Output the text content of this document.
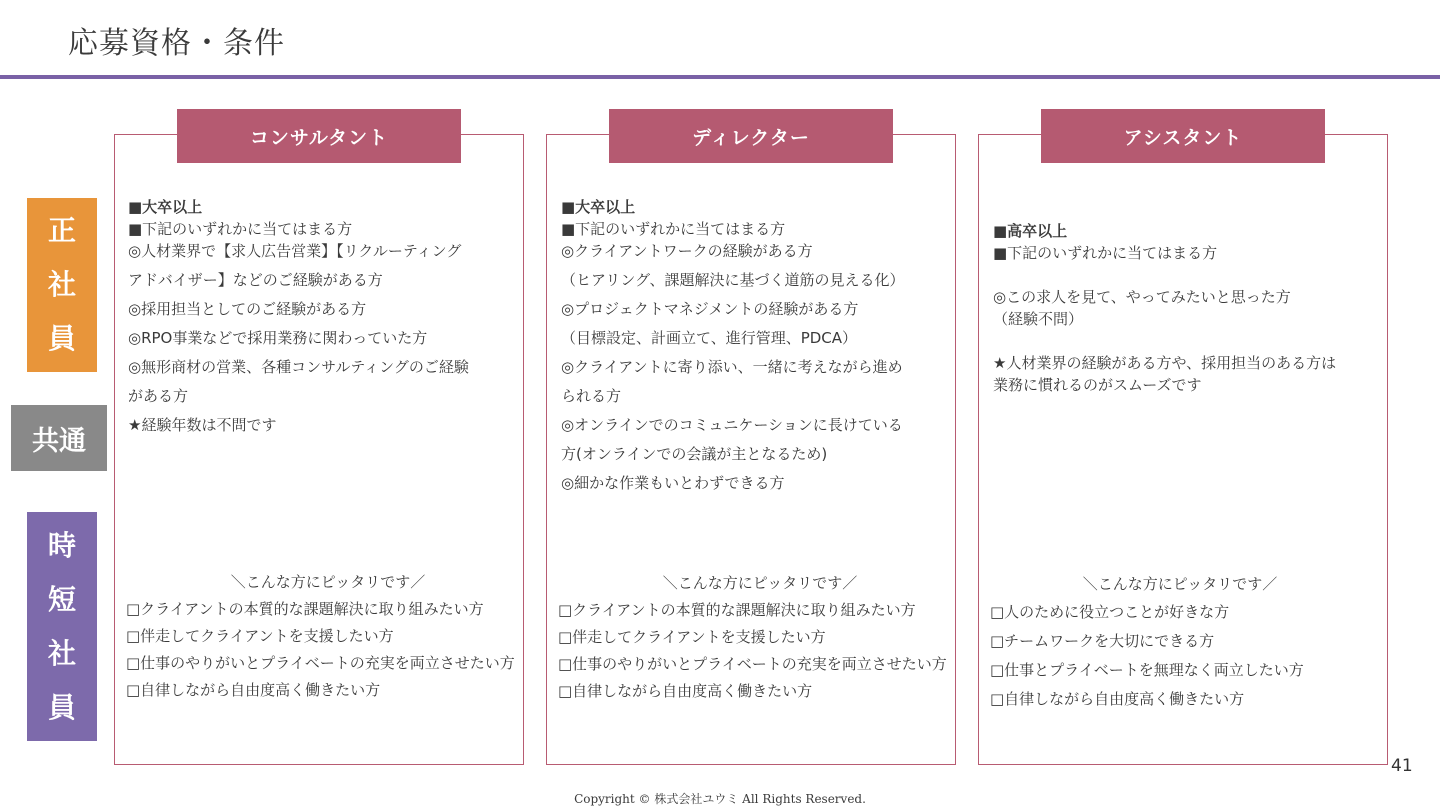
応募資格・条件
正
社
員
共通
時
短
社
員
コンサルタント
■大卒以上
■下記のいずれかに当てはまる方
◎人材業界で【求人広告営業】【リクルーティング
アドバイザー】などのご経験がある方
◎採用担当としてのご経験がある方
◎RPO事業などで採用業務に関わっていた方
◎無形商材の営業、各種コンサルティングのご経験
がある方
★経験年数は不問です
＼こんな方にピッタリです／
□クライアントの本質的な課題解決に取り組みたい方
□伴走してクライアントを支援したい方
□仕事のやりがいとプライベートの充実を両立させたい方
□自律しながら自由度高く働きたい方
ディレクター
■大卒以上
■下記のいずれかに当てはまる方
◎クライアントワークの経験がある方
（ヒアリング、課題解決に基づく道筋の見える化）
◎プロジェクトマネジメントの経験がある方
（目標設定、計画立て、進行管理、PDCA）
◎クライアントに寄り添い、一緒に考えながら進め
られる方
◎オンラインでのコミュニケーションに長けている
方(オンラインでの会議が主となるため)
◎細かな作業もいとわずできる方
＼こんな方にピッタリです／
□クライアントの本質的な課題解決に取り組みたい方
□伴走してクライアントを支援したい方
□仕事のやりがいとプライベートの充実を両立させたい方
□自律しながら自由度高く働きたい方
アシスタント
■高卒以上
■下記のいずれかに当てはまる方
◎この求人を見て、やってみたいと思った方
（経験不問）
★人材業界の経験がある方や、採用担当のある方は
業務に慣れるのがスムーズです
＼こんな方にピッタリです／
□人のために役立つことが好きな方
□チームワークを大切にできる方
□仕事とプライベートを無理なく両立したい方
□自律しながら自由度高く働きたい方
41
Copyright © 株式会社ユウミ All Rights Reserved.
